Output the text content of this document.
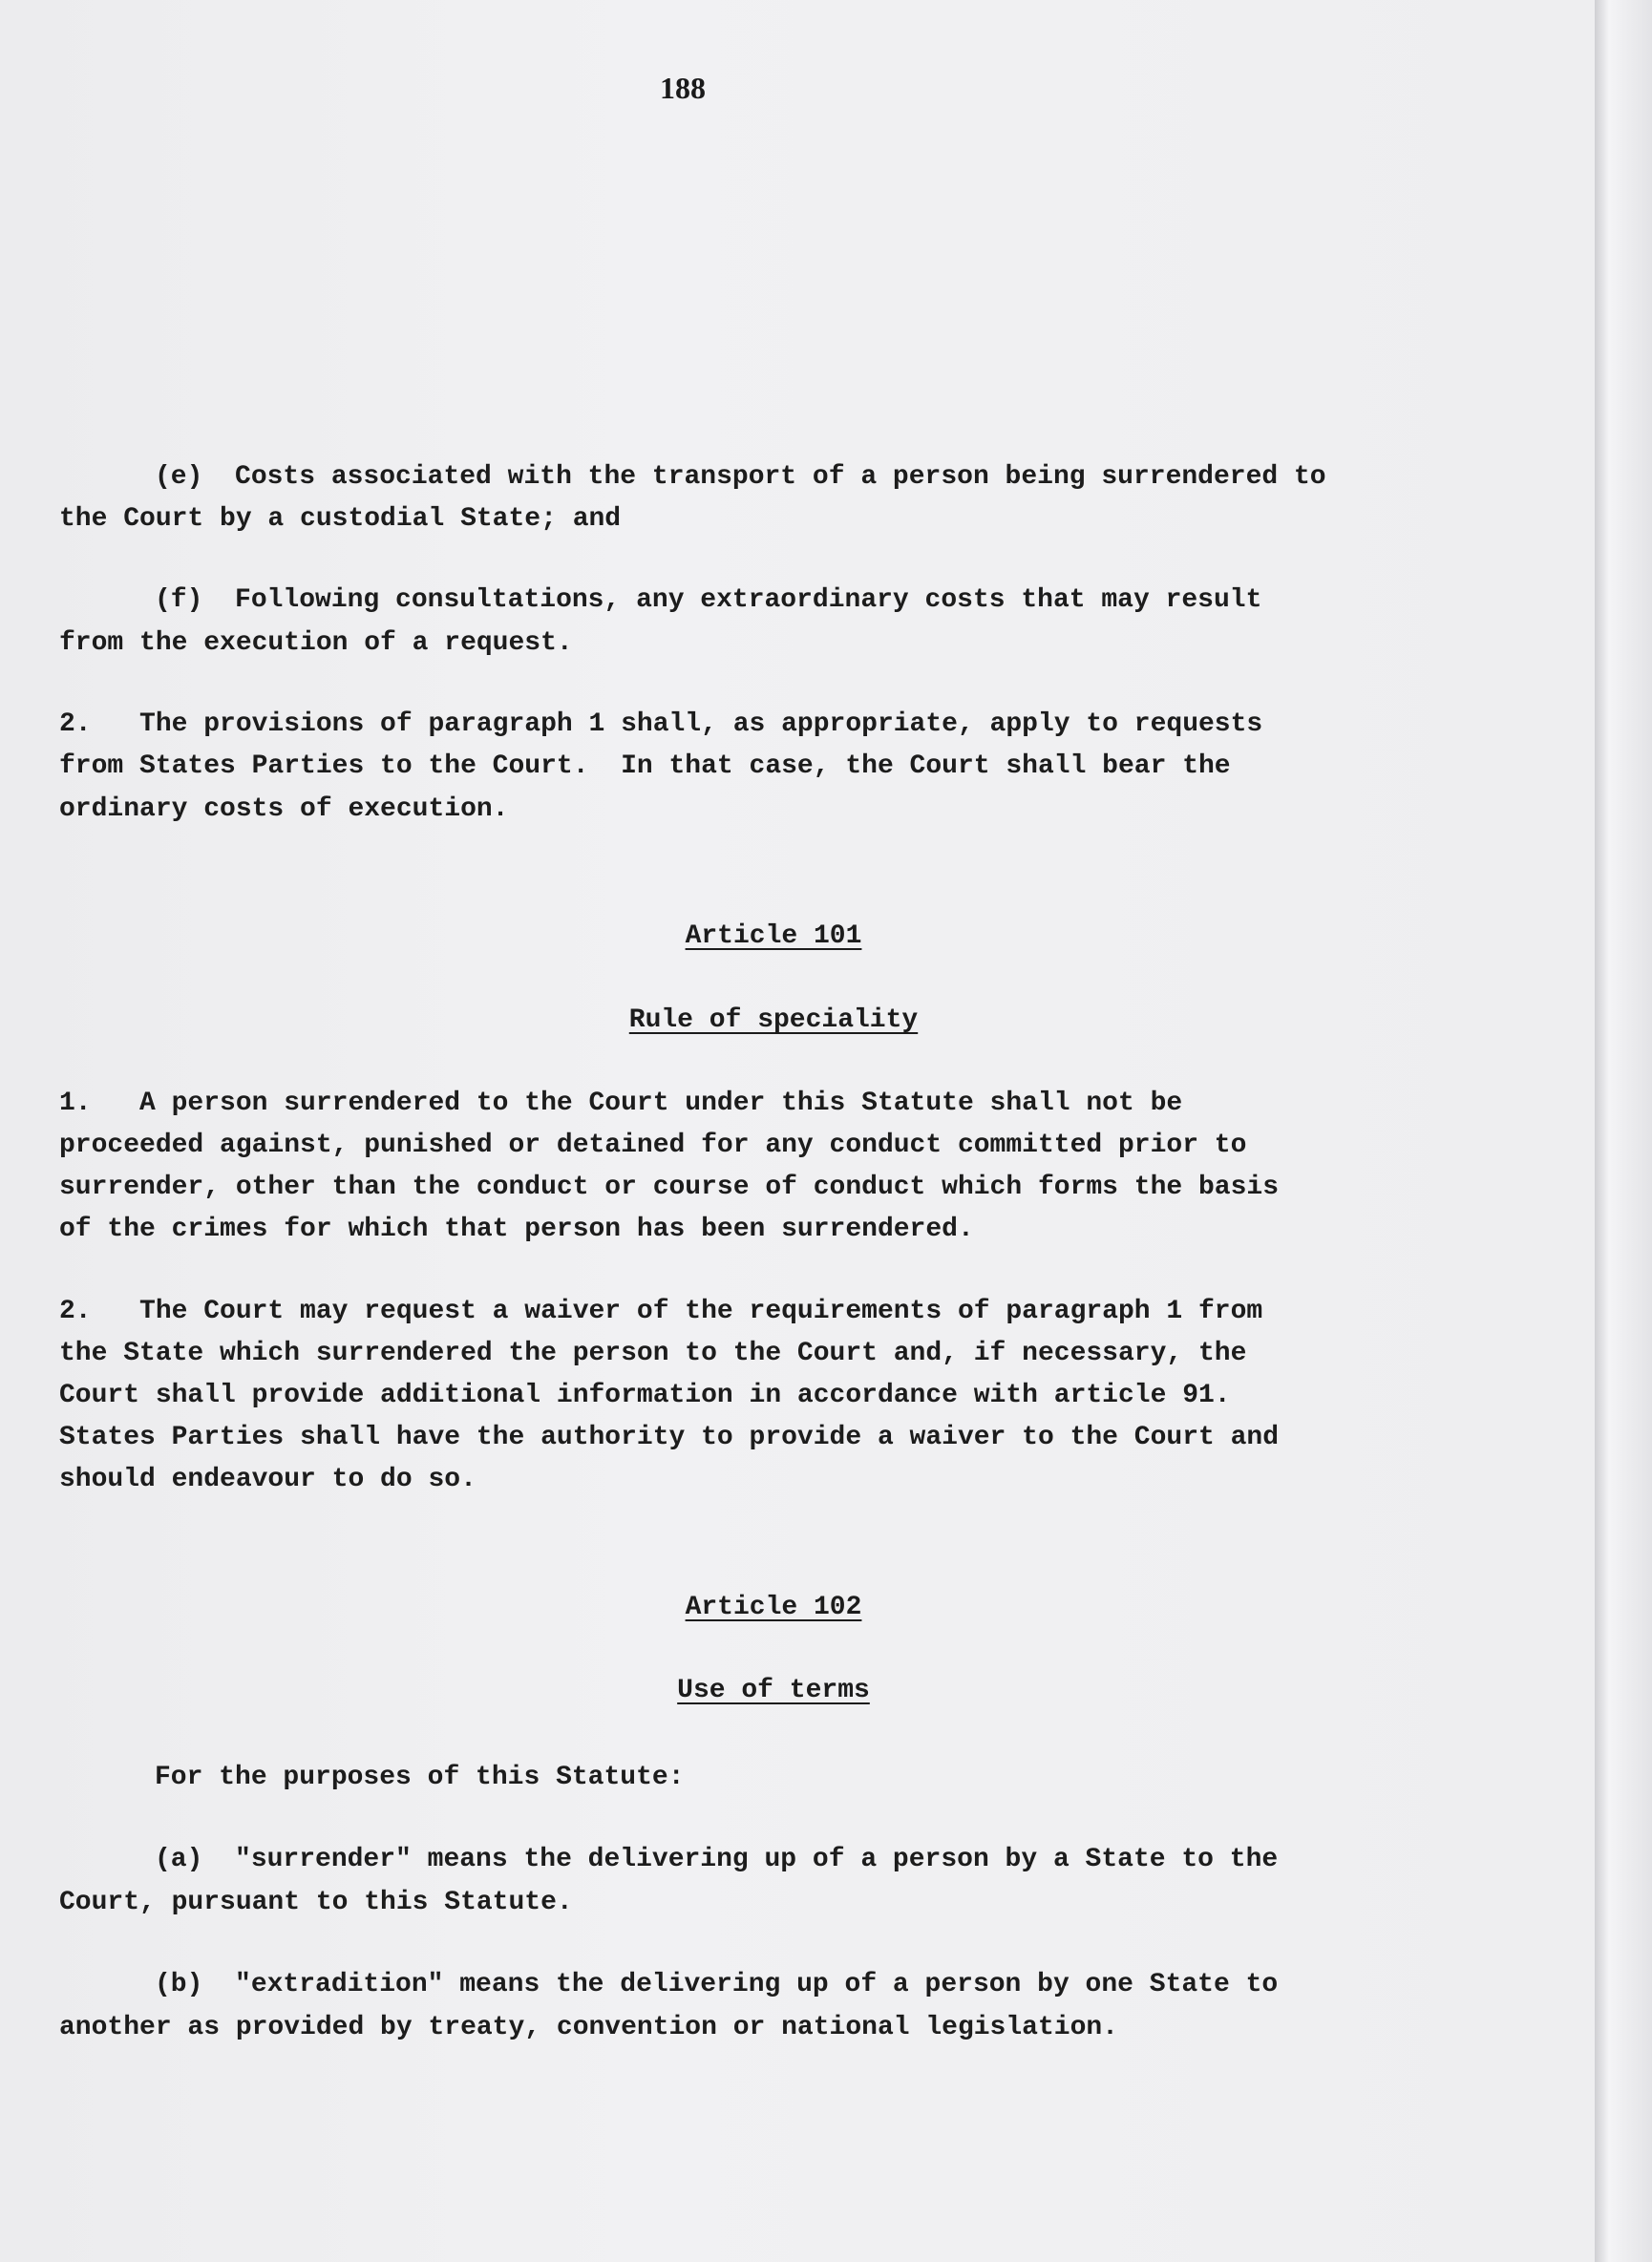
188
(e)  Costs associated with the transport of a person being surrendered to
the Court by a custodial State; and
(f)  Following consultations, any extraordinary costs that may result
from the execution of a request.
2.   The provisions of paragraph 1 shall, as appropriate, apply to requests
from States Parties to the Court.  In that case, the Court shall bear the
ordinary costs of execution.
Article 101
Rule of speciality
1.   A person surrendered to the Court under this Statute shall not be
proceeded against, punished or detained for any conduct committed prior to
surrender, other than the conduct or course of conduct which forms the basis
of the crimes for which that person has been surrendered.
2.   The Court may request a waiver of the requirements of paragraph 1 from
the State which surrendered the person to the Court and, if necessary, the
Court shall provide additional information in accordance with article 91.
States Parties shall have the authority to provide a waiver to the Court and
should endeavour to do so.
Article 102
Use of terms
For the purposes of this Statute:
(a)  "surrender" means the delivering up of a person by a State to the
Court, pursuant to this Statute.
(b)  "extradition" means the delivering up of a person by one State to
another as provided by treaty, convention or national legislation.
